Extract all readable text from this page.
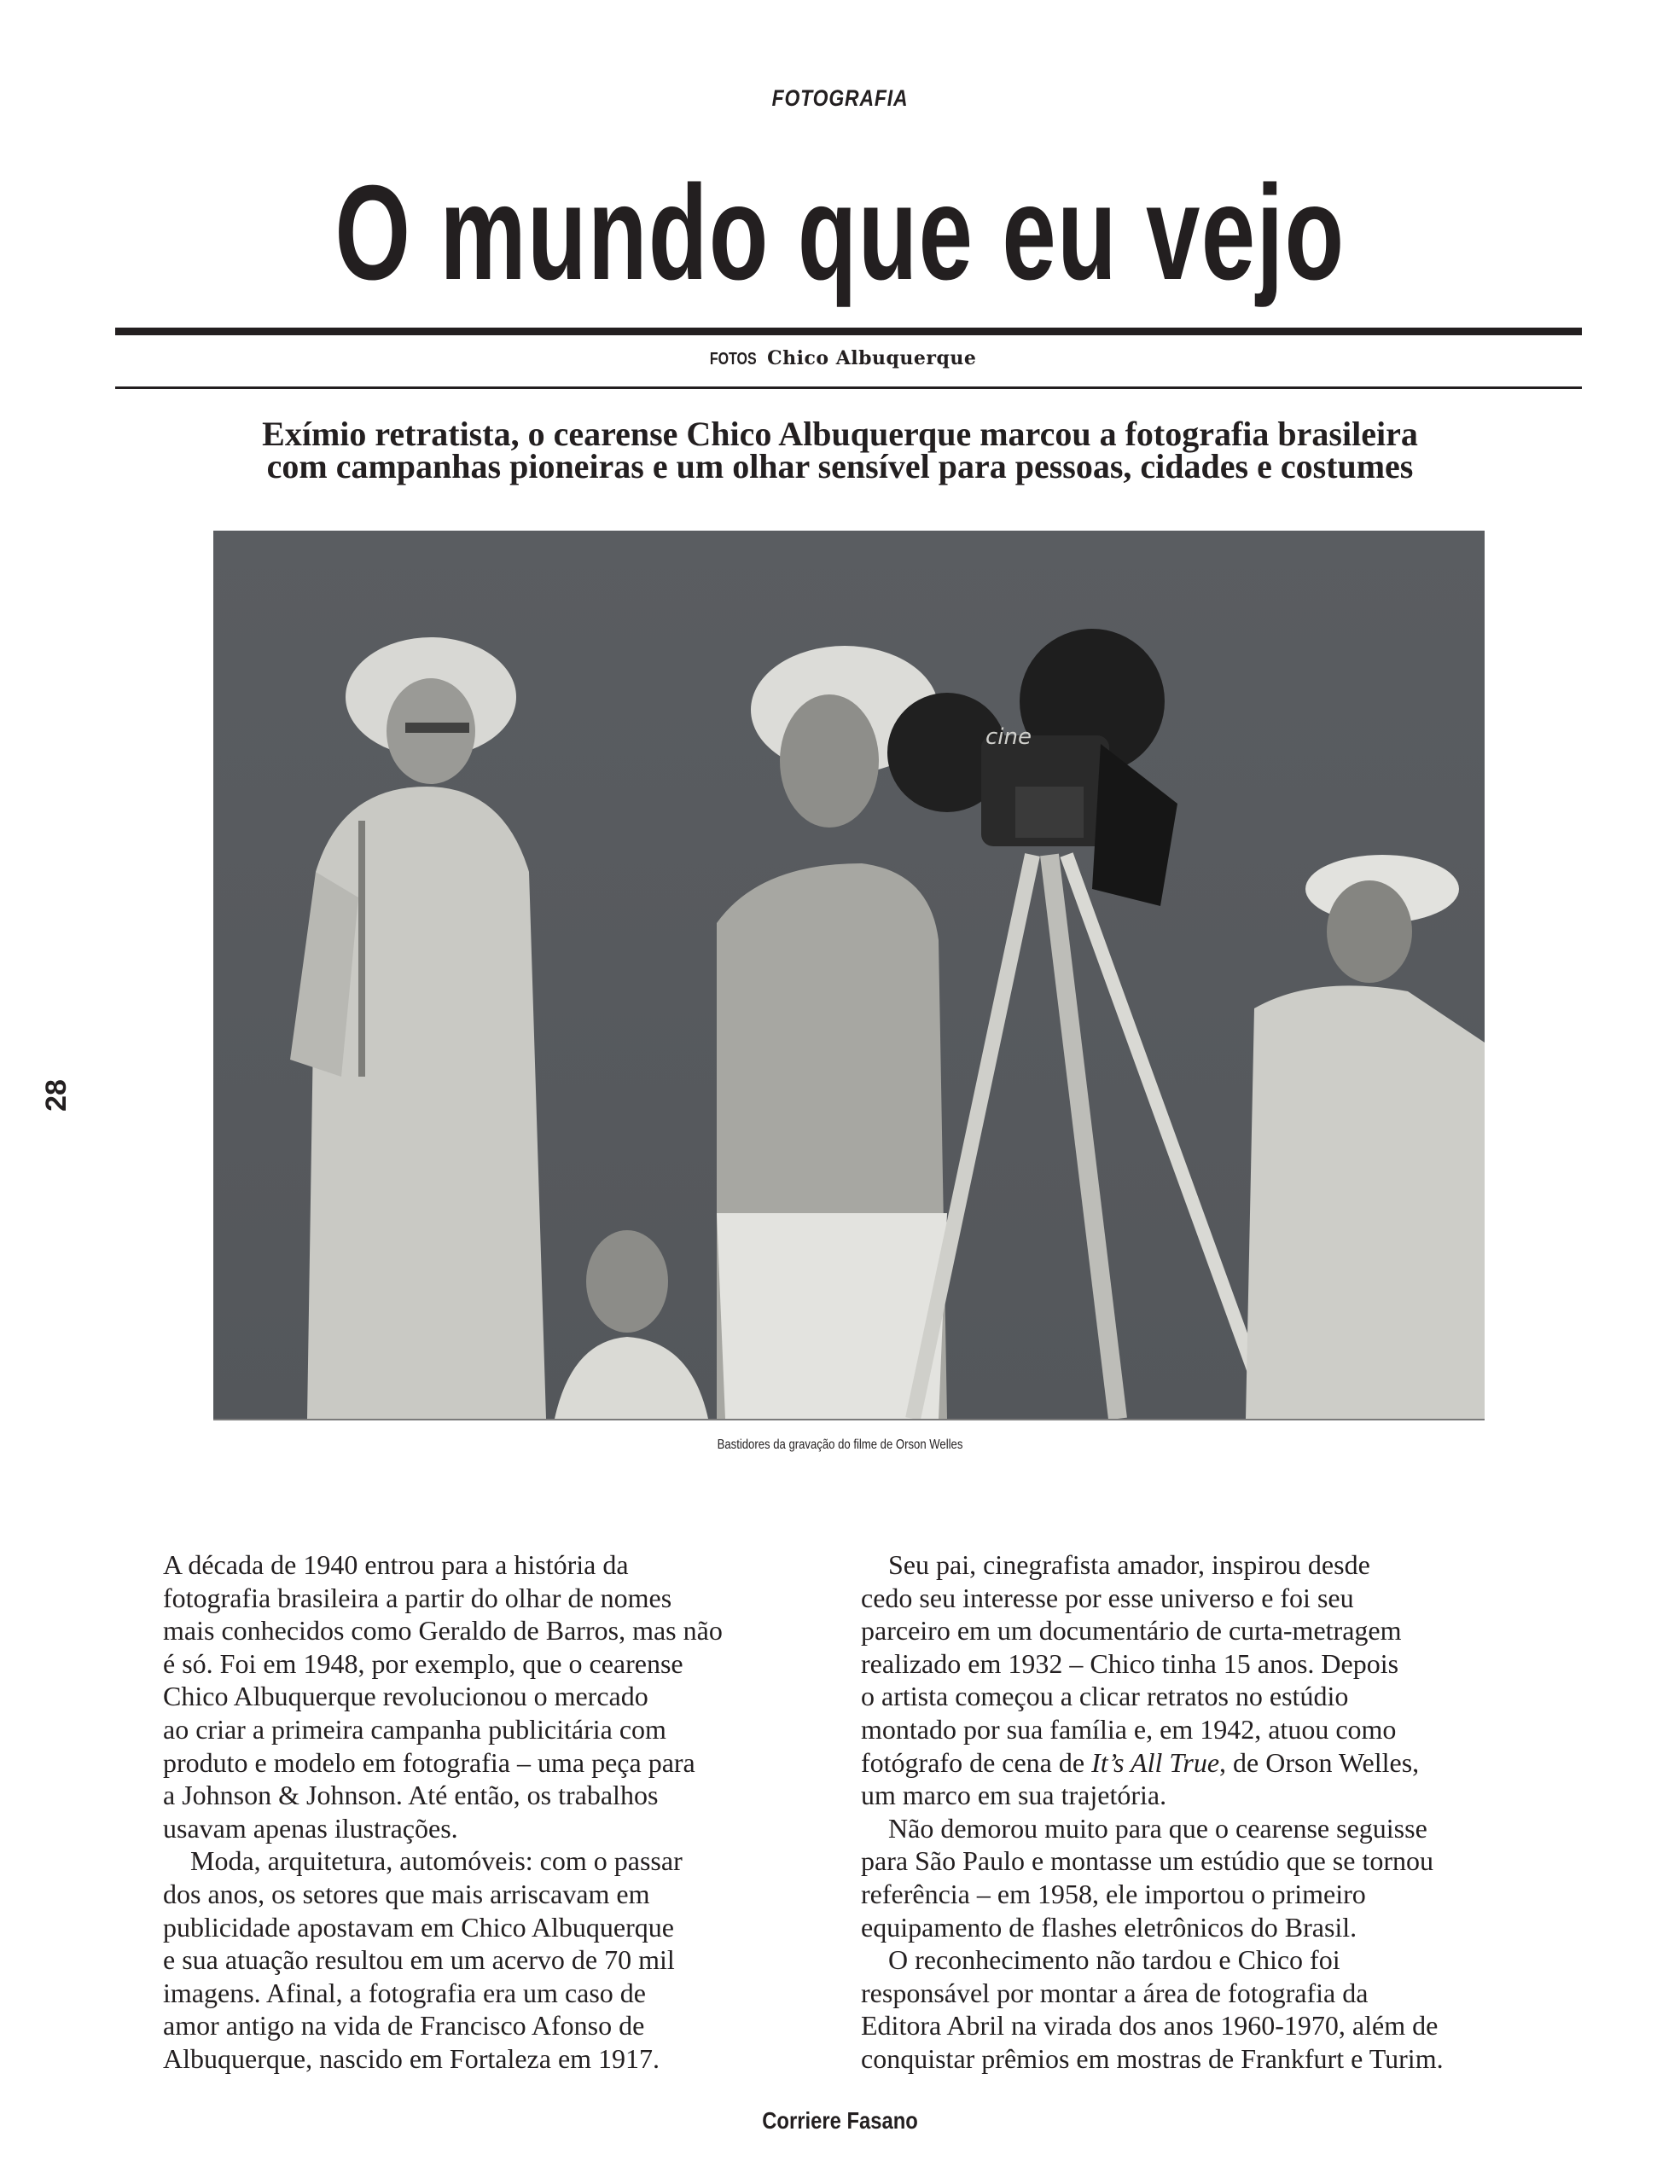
FOTOGRAFIA
O mundo que eu vejo
FOTOS Chico Albuquerque
Exímio retratista, o cearense Chico Albuquerque marcou a fotografia brasileira
com campanhas pioneiras e um olhar sensível para pessoas, cidades e costumes
cine
Bastidores da gravação do filme de Orson Welles
28
A década de 1940 entrou para a história da
fotografia brasileira a partir do olhar de nomes
mais conhecidos como Geraldo de Barros, mas não
é só. Foi em 1948, por exemplo, que o cearense
Chico Albuquerque revolucionou o mercado
ao criar a primeira campanha publicitária com
produto e modelo em fotografia – uma peça para
a Johnson & Johnson. Até então, os trabalhos
usavam apenas ilustrações.
Moda, arquitetura, automóveis: com o passar
dos anos, os setores que mais arriscavam em
publicidade apostavam em Chico Albuquerque
e sua atuação resultou em um acervo de 70 mil
imagens. Afinal, a fotografia era um caso de
amor antigo na vida de Francisco Afonso de
Albuquerque, nascido em Fortaleza em 1917.
Seu pai, cinegrafista amador, inspirou desde
cedo seu interesse por esse universo e foi seu
parceiro em um documentário de curta-metragem
realizado em 1932 – Chico tinha 15 anos. Depois
o artista começou a clicar retratos no estúdio
montado por sua família e, em 1942, atuou como
fotógrafo de cena de It’s All True, de Orson Welles,
um marco em sua trajetória.
Não demorou muito para que o cearense seguisse
para São Paulo e montasse um estúdio que se tornou
referência – em 1958, ele importou o primeiro
equipamento de flashes eletrônicos do Brasil.
O reconhecimento não tardou e Chico foi
responsável por montar a área de fotografia da
Editora Abril na virada dos anos 1960-1970, além de
conquistar prêmios em mostras de Frankfurt e Turim.
Corriere Fasano
